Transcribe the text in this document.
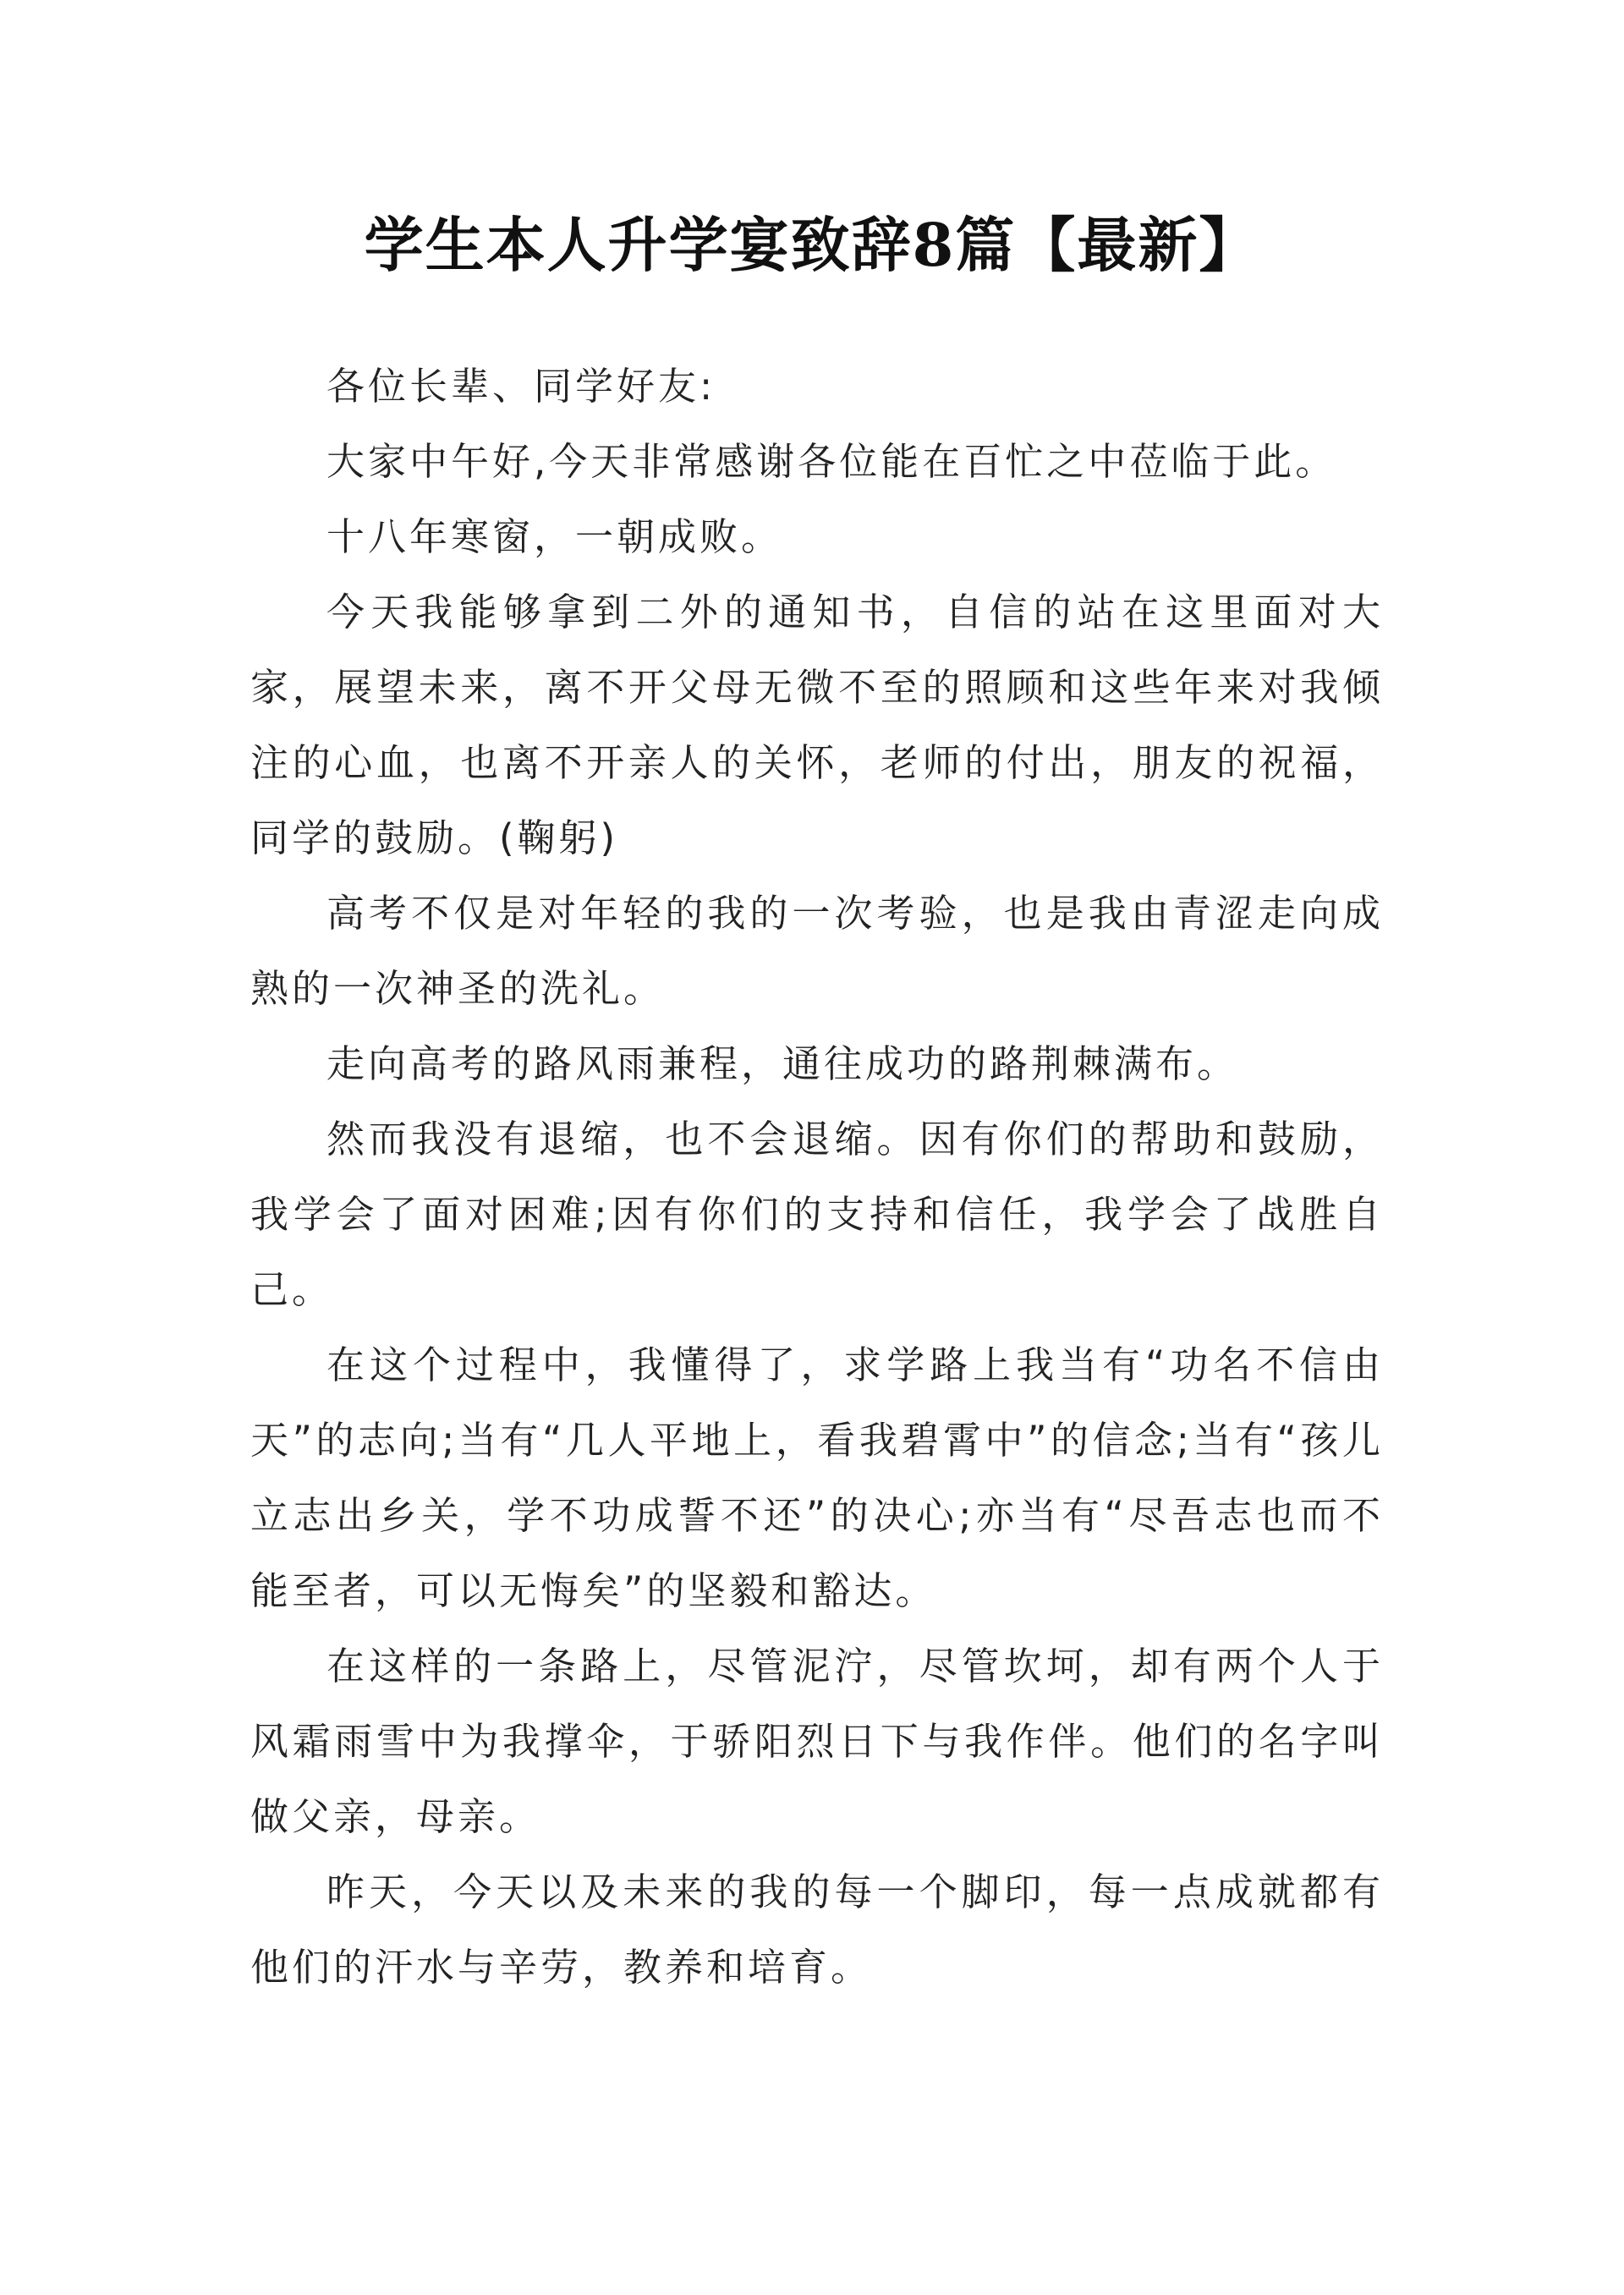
学生本人升学宴致辞8篇【最新】

各位长辈、同学好友:

大家中午好,今天非常感谢各位能在百忙之中莅临于此。

十八年寒窗，一朝成败。

今天我能够拿到二外的通知书，自信的站在这里面对大家，展望未来，离不开父母无微不至的照顾和这些年来对我倾注的心血，也离不开亲人的关怀，老师的付出，朋友的祝福，同学的鼓励。(鞠躬)

高考不仅是对年轻的我的一次考验，也是我由青涩走向成熟的一次神圣的洗礼。

走向高考的路风雨兼程，通往成功的路荆棘满布。

然而我没有退缩，也不会退缩。因有你们的帮助和鼓励，我学会了面对困难;因有你们的支持和信任，我学会了战胜自己。

在这个过程中，我懂得了，求学路上我当有“功名不信由天”的志向;当有“几人平地上，看我碧霄中”的信念;当有“孩儿立志出乡关，学不功成誓不还”的决心;亦当有“尽吾志也而不能至者，可以无悔矣”的坚毅和豁达。

在这样的一条路上，尽管泥泞，尽管坎坷，却有两个人于风霜雨雪中为我撑伞，于骄阳烈日下与我作伴。他们的名字叫做父亲，母亲。

昨天，今天以及未来的我的每一个脚印，每一点成就都有他们的汗水与辛劳，教养和培育。
